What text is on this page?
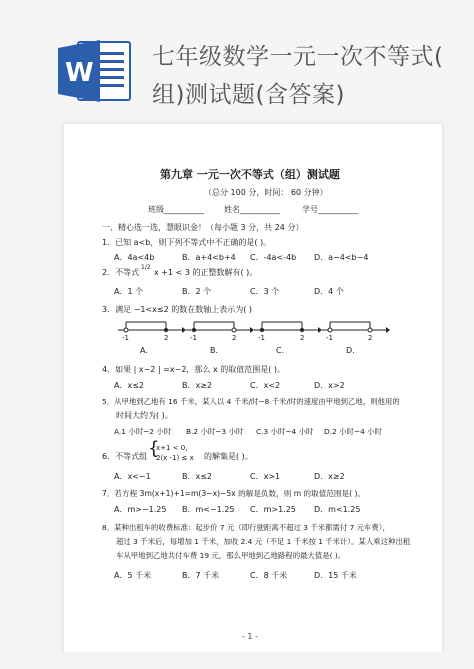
W
七年级数学一元一次不等式(
组)测试题(含答案)
第九章 一元一次不等式（组）测试题
（总分 100 分，时间： 60 分钟）
班级__________	姓名__________	学号__________
一、精心选一选，慧眼识金！（每小题 3 分，共 24 分）
1．已知 a<b，则下列不等式中不正确的是( )。
A．4a<4b	B．a+4<b+4 C．-4a<-4b D．a−4<b−4
2．不等式
1/2
x +1 < 3 的正整数解有( )。
A．1 个	B．2 个	C．3 个	D．4 个
3．满足 −1<x≤2 的数在数轴上表示为( )
-1	2	-1	2	-1	2	-1	2
A.	B.	C.	D.
4．如果 | x−2 | =x−2，那么 x 的取值范围是( )。
A．x≤2	B．x≥2	C．x<2	D．x>2
5．从甲地到乙地有 16 千米，某人以 4 千米/时~8 千米/时的速度由甲地到乙地，则他用的
时间大约为( )。
A.1 小时~2 小时 B.2 小时~3 小时 C.3 小时~4 小时 D.2 小时~4 小时
6．不等式组 {
x+1 < 0,
2(x -1) ≤ x 的解集是( )。
A．x<−1	B．x≤2	C．x>1	D．x≥2
7．若方程 3m(x+1)+1=m(3−x)−5x 的解是负数，则 m 的取值范围是( )。
A．m>−1.25 B．m<−1.25 C．m>1.25 D．m<1.25
8．某种出租车的收费标准：起步价 7 元（即行驶距离不超过 3 千米都需付 7 元车费），
超过 3 千米后，每增加 1 千米，加收 2.4 元（不足 1 千米按 1 千米计）。某人乘这种出租
车从甲地到乙地共付车费 19 元，那么甲地到乙地路程的最大值是( )。
A．5 千米	B．7 千米	C．8 千米	D．15 千米
- 1 -
